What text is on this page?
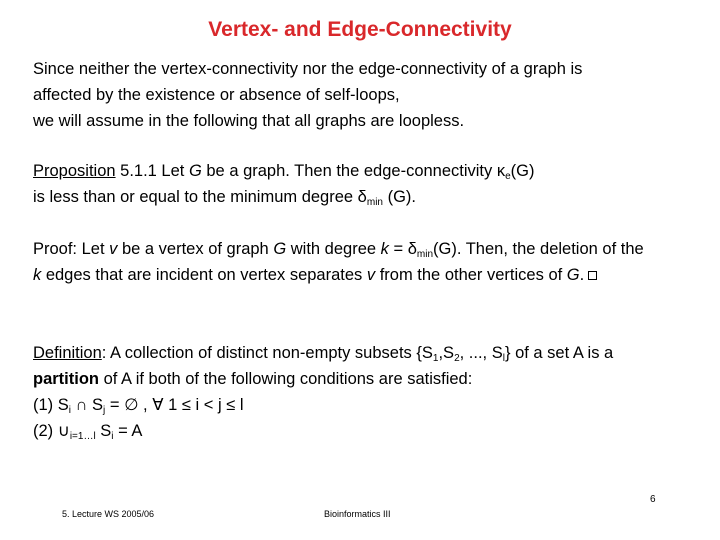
Vertex- and Edge-Connectivity
Since neither the vertex-connectivity nor the edge-connectivity of a graph is
affected by the existence or absence of self-loops,
we will assume in the following that all graphs are loopless.
Proposition 5.1.1 Let G be a graph. Then the edge-connectivity $\kappa_e(G)$
is less than or equal to the minimum degree $\delta_{min}$ (G).
Proof: Let v be a vertex of graph G with degree $k = \delta_{min}(G)$. Then, the deletion of the
k edges that are incident on vertex separates v from the other vertices of G.
Definition: A collection of distinct non-empty subsets {$S_1,S_2$, ..., $S_l$} of a set A is a
partition of A if both of the following conditions are satisfied:
(1) $S_i$ ∩ $S_j$ = ∅ , ∀ 1 ≤ i < j ≤ l
(2) $\cup_{i=1\dots l}$ $S_i = A$
6
5. Lecture WS 2005/06	Bioinformatics III
